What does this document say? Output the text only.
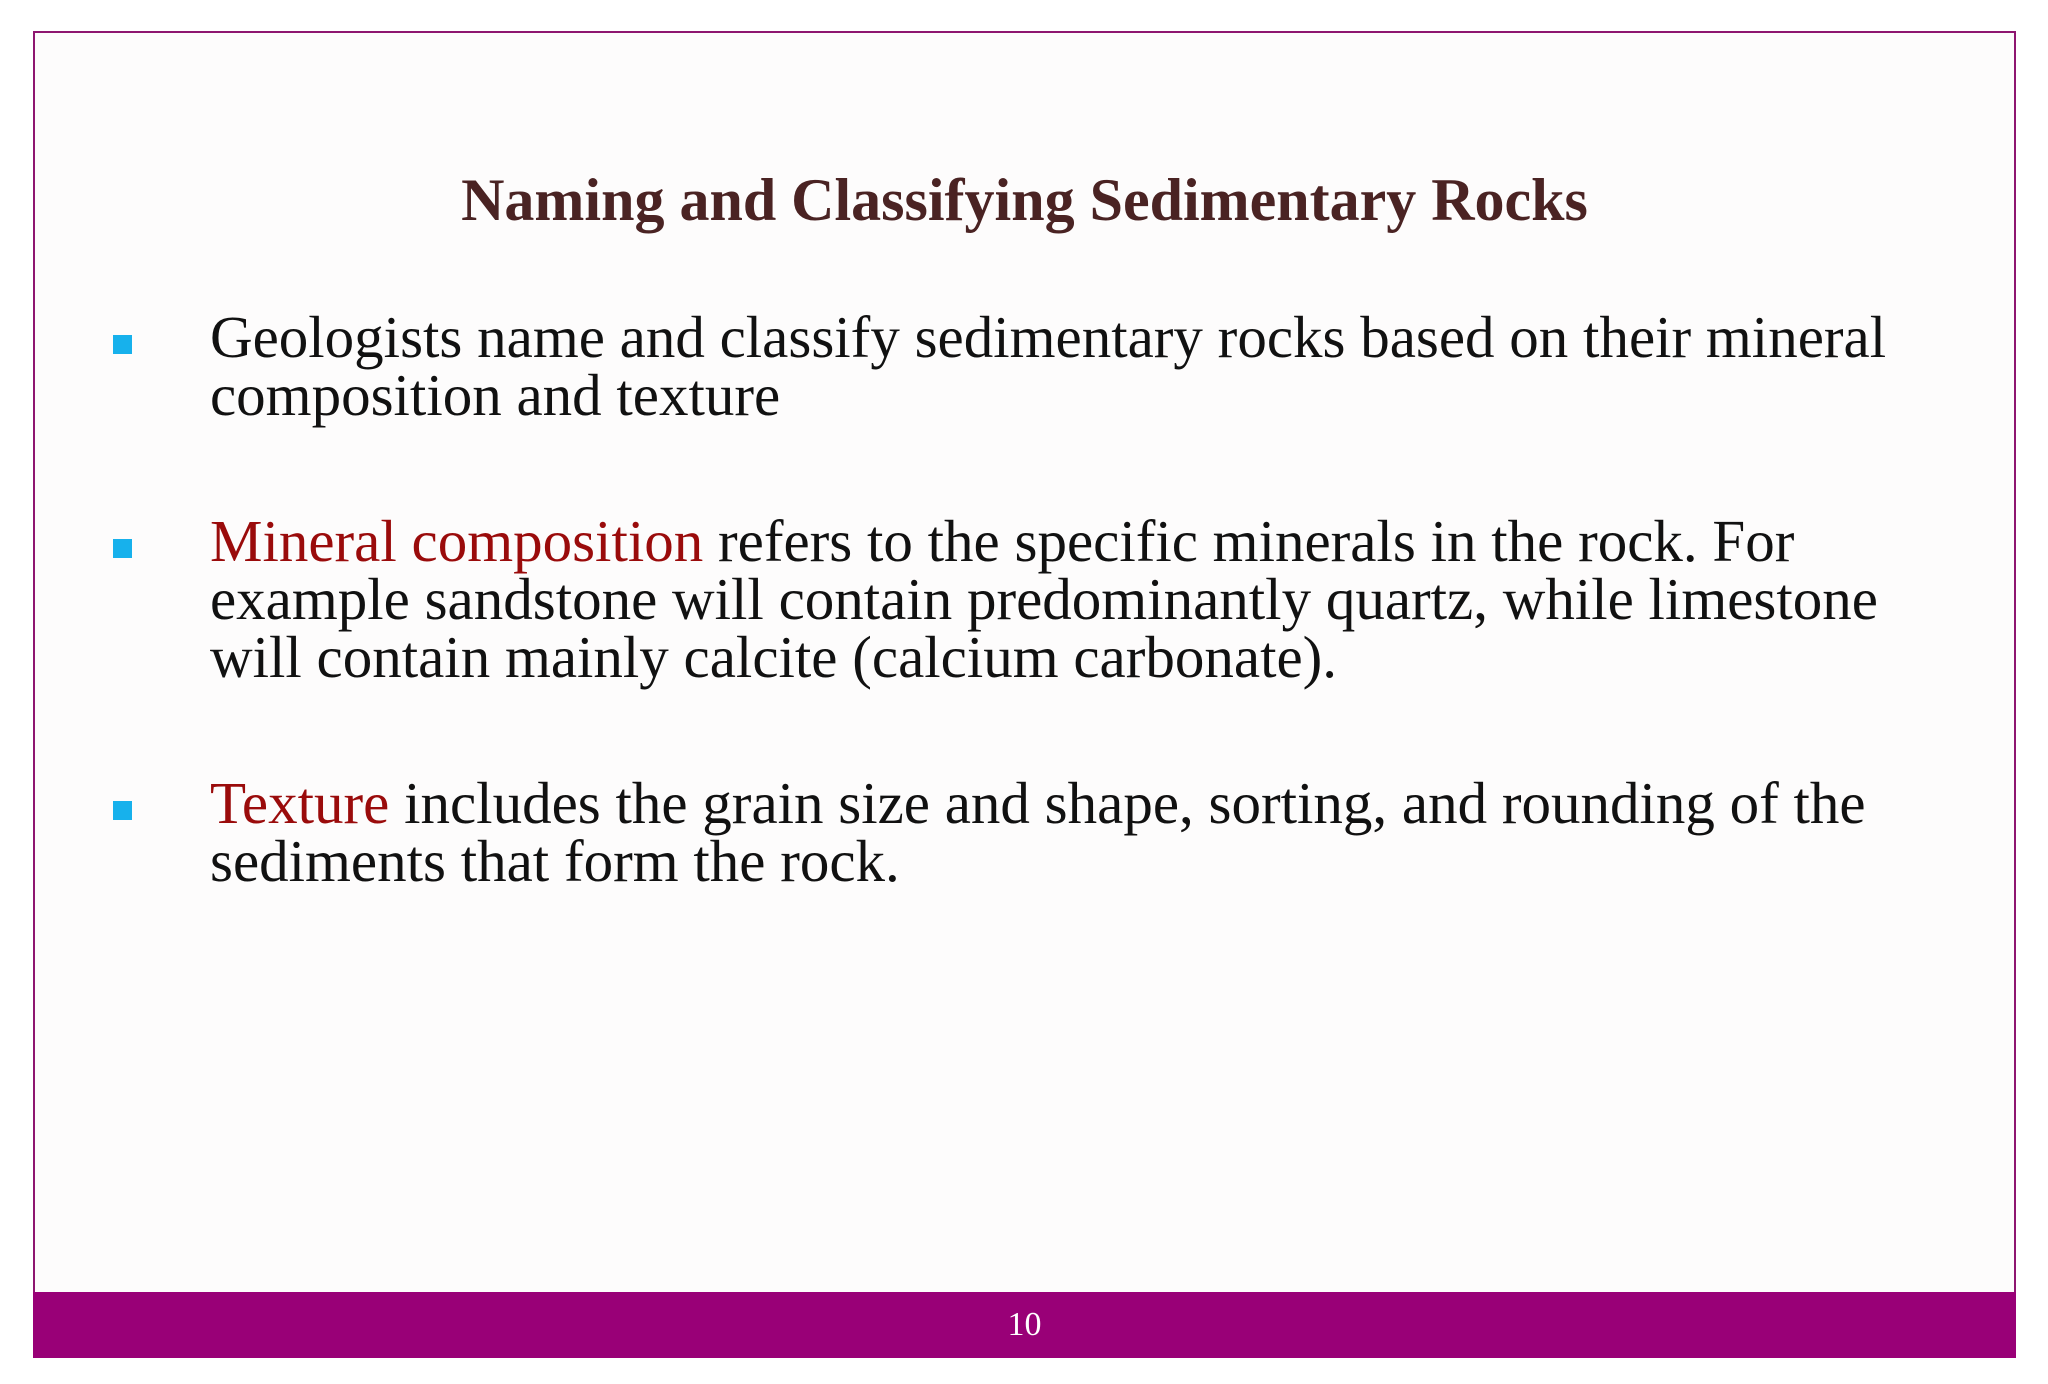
Naming and Classifying Sedimentary Rocks
Geologists name and classify sedimentary rocks based on their mineral composition and texture
Mineral composition refers to the specific minerals in the rock. For example sandstone will contain predominantly quartz, while limestone will contain mainly calcite (calcium carbonate).
Texture includes the grain size and shape, sorting, and rounding of the sediments that form the rock.
10
